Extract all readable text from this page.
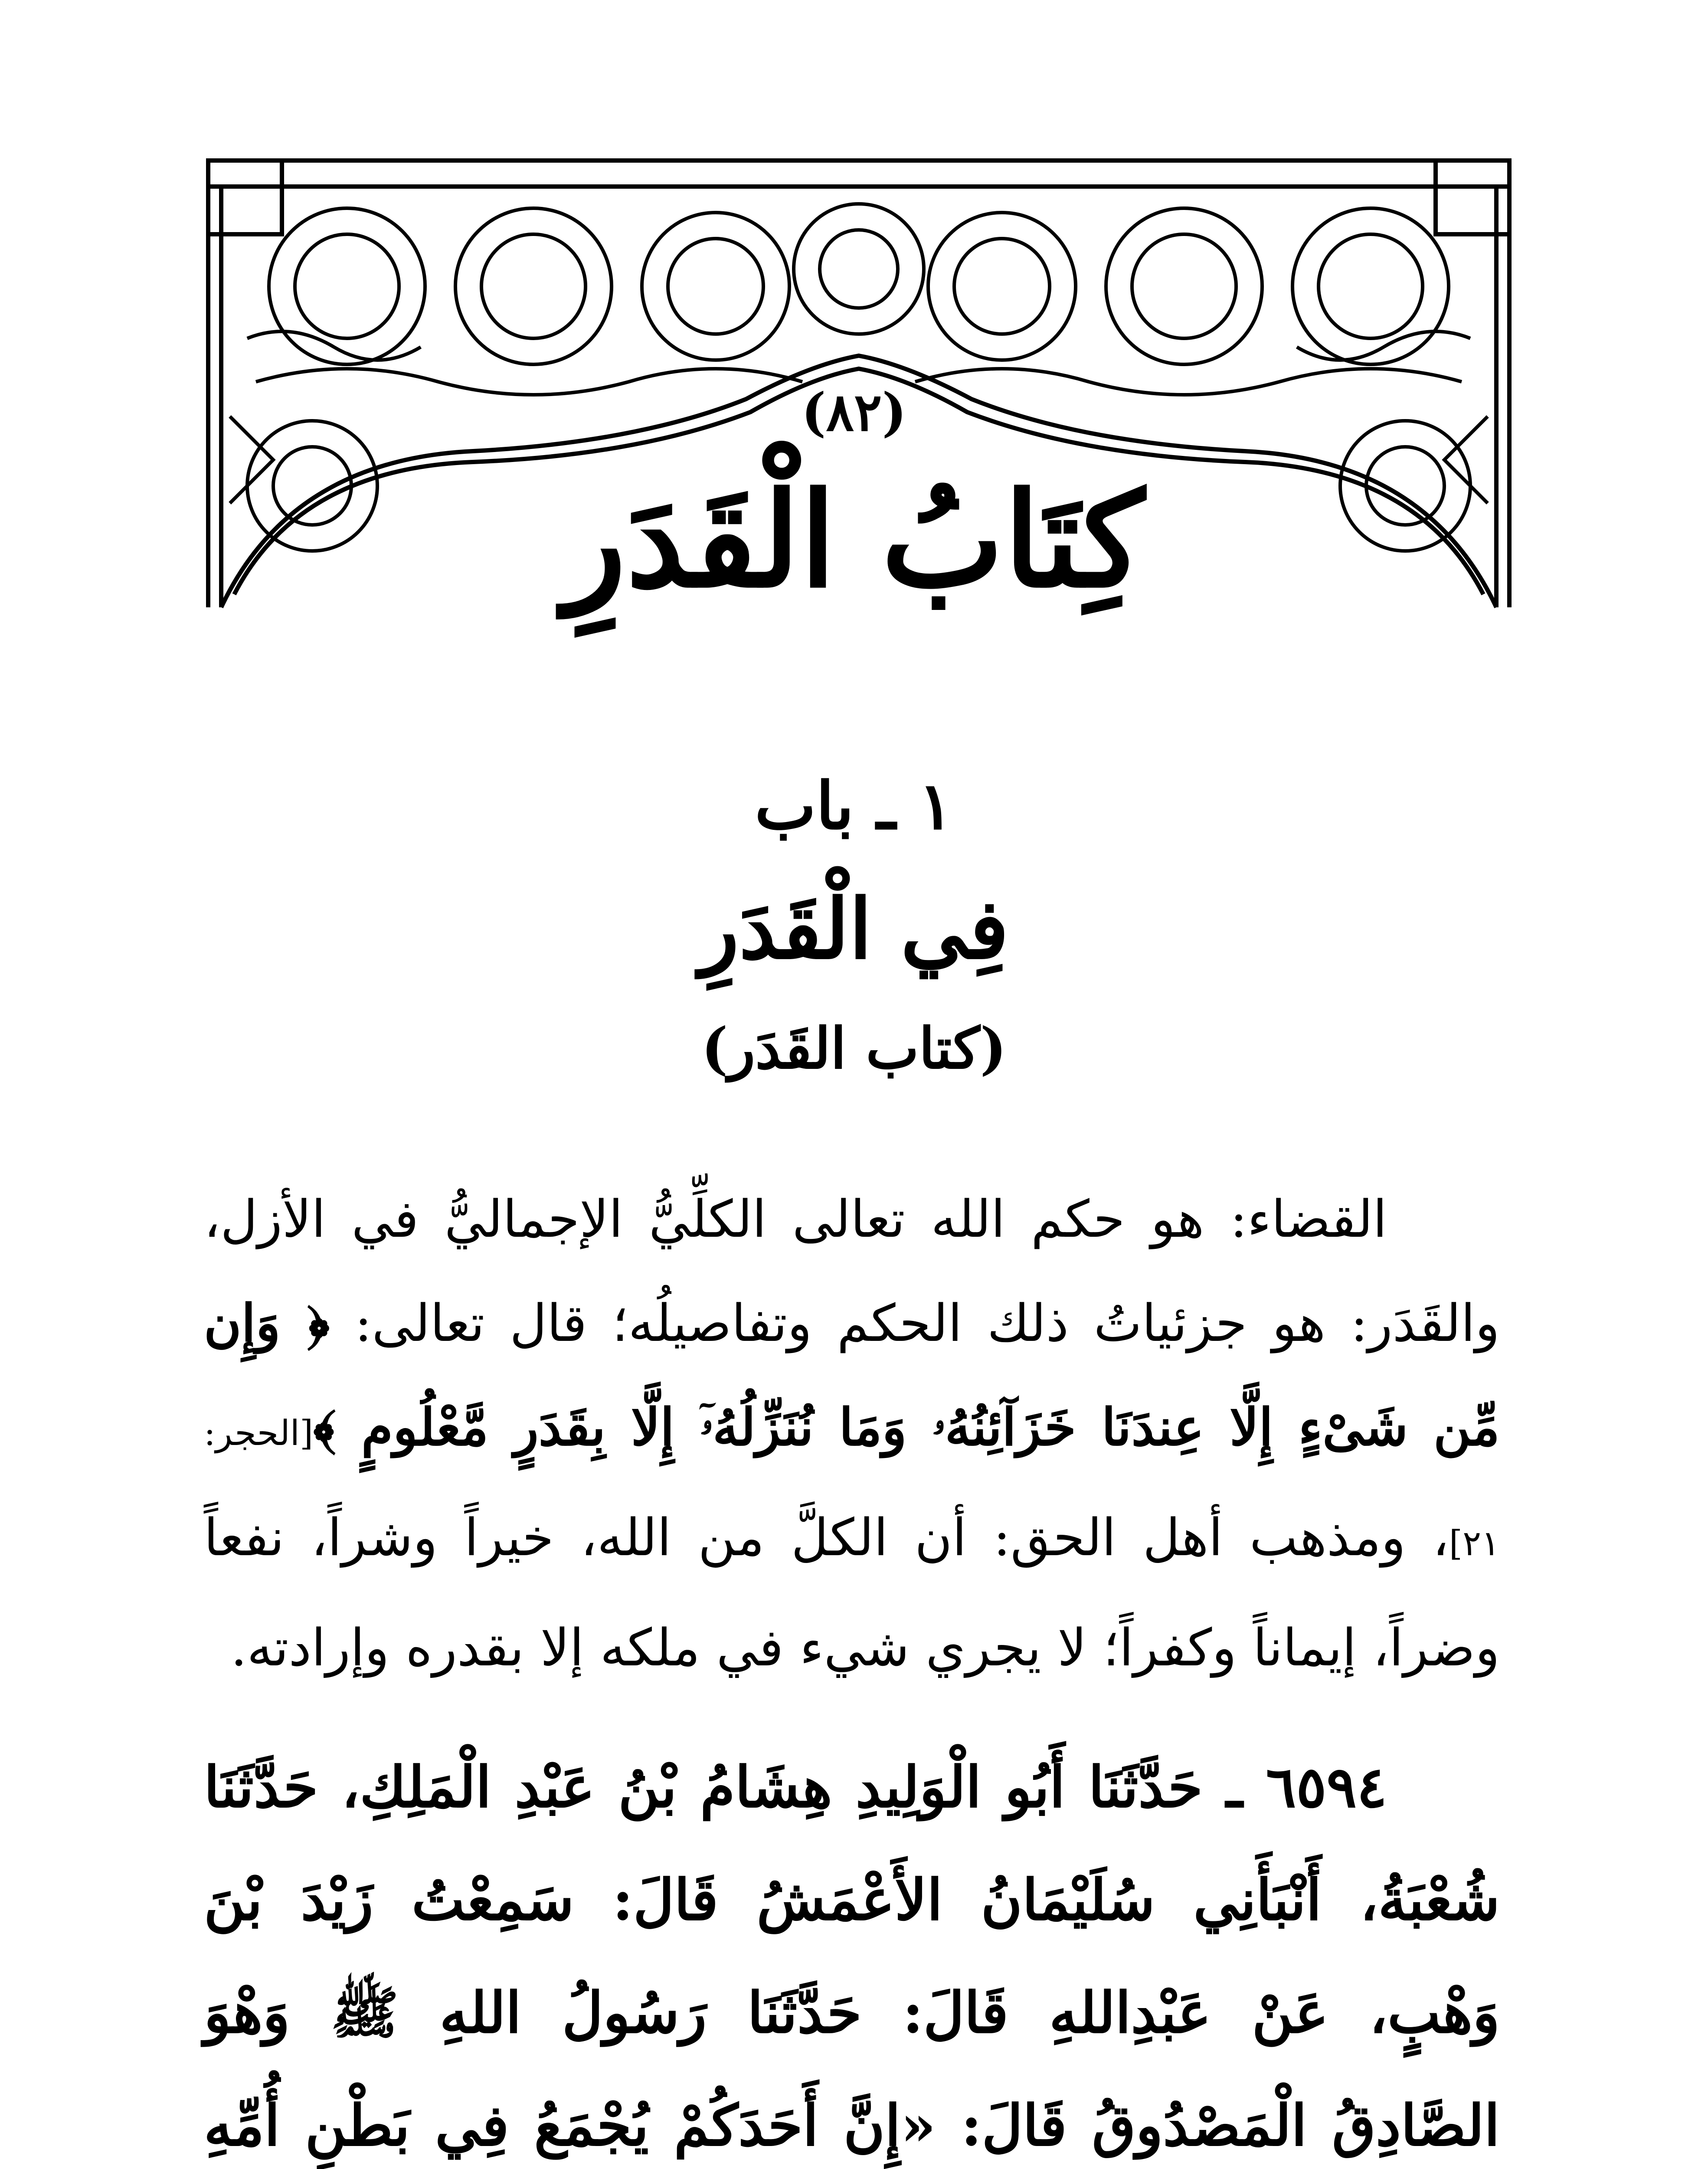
(٨٢)
كِتَابُ الْقَدَرِ
١ ـ باب
فِي الْقَدَرِ
(كتاب القَدَر)

القضاء: هو حكم الله تعالى الكلِّيُّ الإجماليُّ في الأزل، والقَدَر: هو جزئياتُ ذلك الحكم وتفاصيلُه؛ قال تعالى: ﴿ وَإِن مِّن شَىْءٍ إِلَّا عِندَنَا خَزَآئِنُهُۥ وَمَا نُنَزِّلُهُۥٓ إِلَّا بِقَدَرٍ مَّعْلُومٍ ﴾[الحجر: ٢١]، ومذهب أهل الحق: أن الكلَّ من الله، خيراً وشراً، نفعاً وضراً، إيماناً وكفراً؛ لا يجري شيء في ملكه إلا بقدره وإرادته.

٦٥٩٤ ـ حَدَّثَنَا أَبُو الْوَلِيدِ هِشَامُ بْنُ عَبْدِ الْمَلِكِ، حَدَّثَنَا شُعْبَةُ، أَنْبَأَنِي سُلَيْمَانُ الأَعْمَشُ قَالَ: سَمِعْتُ زَيْدَ بْنَ وَهْبٍ، عَنْ عَبْدِاللهِ قَالَ: حَدَّثَنَا رَسُولُ اللهِ ﷺ وَهْوَ الصَّادِقُ الْمَصْدُوقُ قَالَ: «إِنَّ أَحَدَكُمْ يُجْمَعُ فِي بَطْنِ أُمِّهِ
